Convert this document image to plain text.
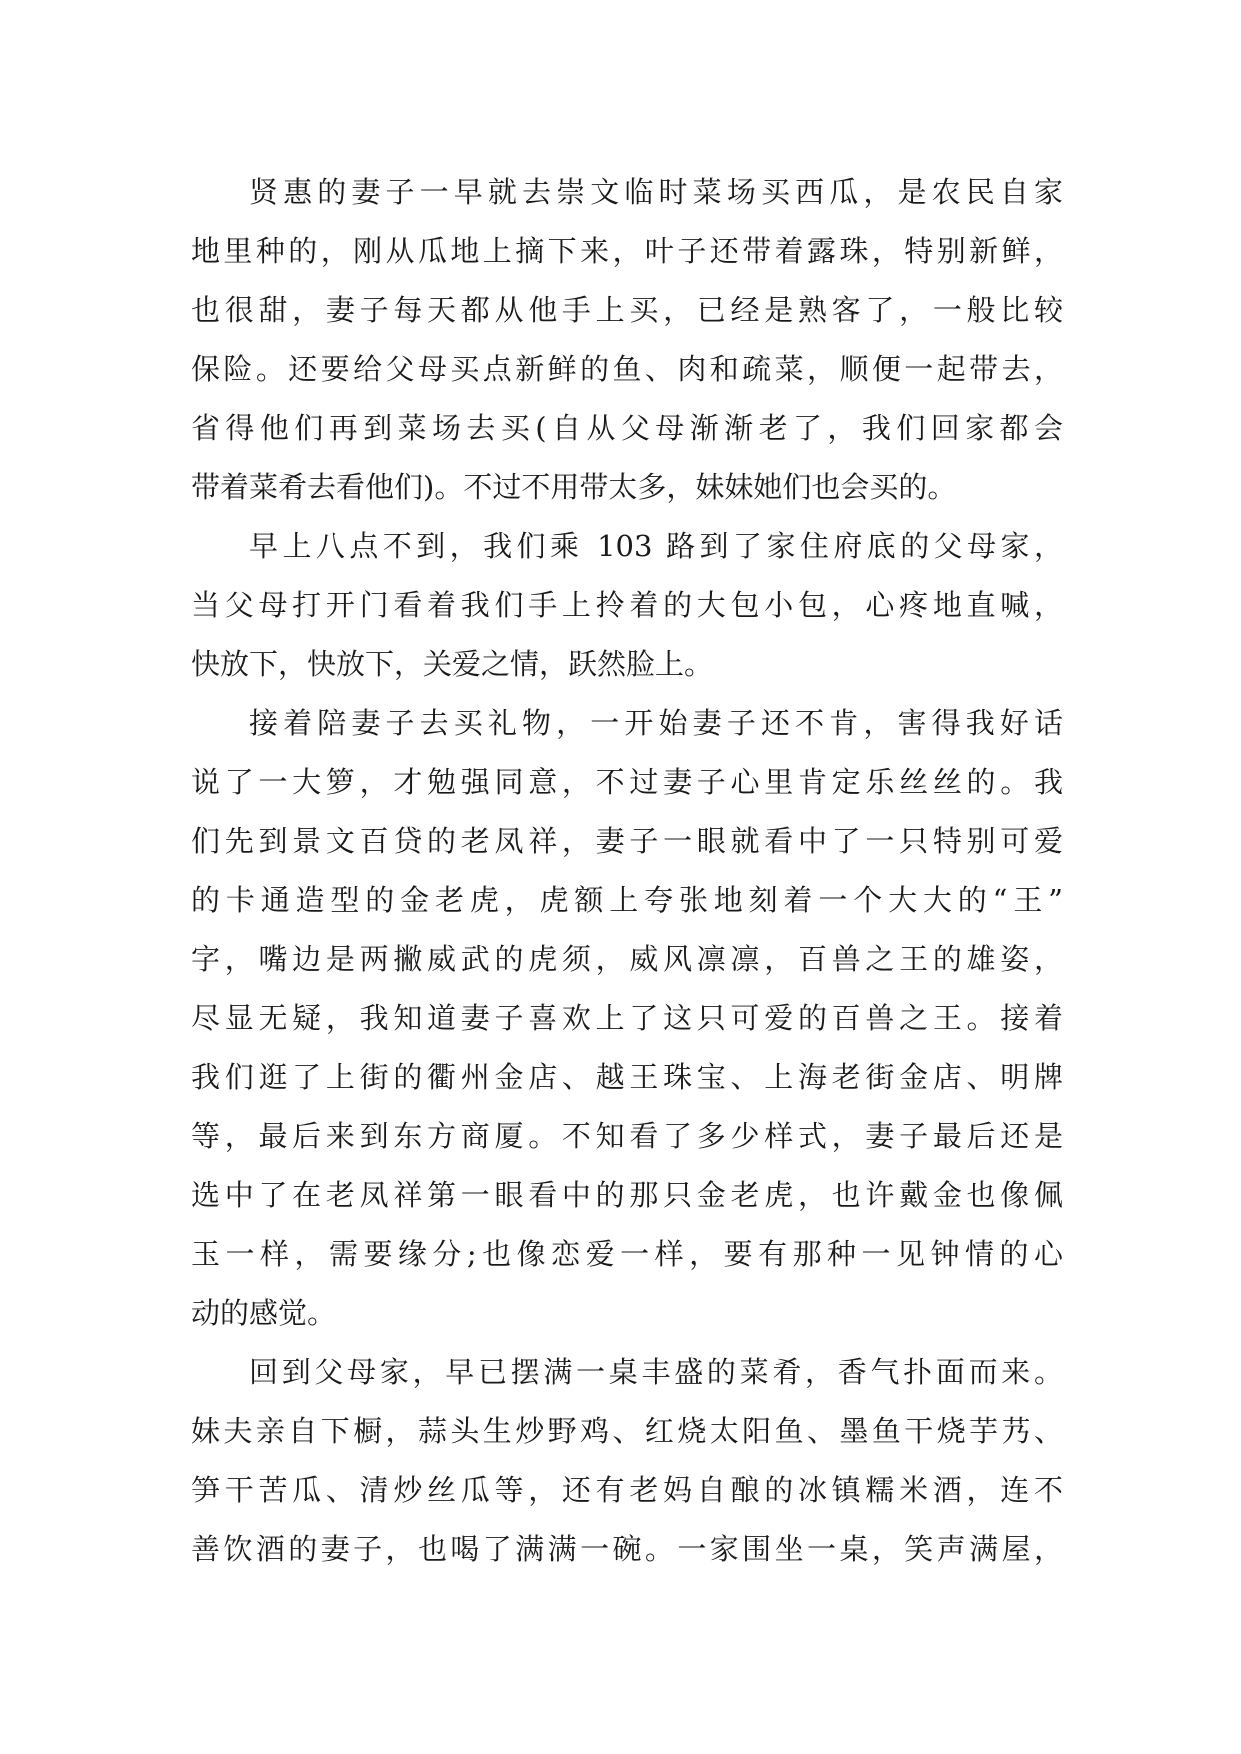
贤惠的妻子一早就去崇文临时菜场买西瓜，是农民自家
地里种的，刚从瓜地上摘下来，叶子还带着露珠，特别新鲜，
也很甜，妻子每天都从他手上买，已经是熟客了，一般比较
保险。还要给父母买点新鲜的鱼、肉和疏菜，顺便一起带去，
省得他们再到菜场去买(自从父母渐渐老了，我们回家都会
带着菜肴去看他们)。不过不用带太多，妹妹她们也会买的。
早上八点不到，我们乘 103 路到了家住府底的父母家，
当父母打开门看着我们手上拎着的大包小包，心疼地直喊，
快放下，快放下，关爱之情，跃然脸上。
接着陪妻子去买礼物，一开始妻子还不肯，害得我好话
说了一大箩，才勉强同意，不过妻子心里肯定乐丝丝的。我
们先到景文百贷的老凤祥，妻子一眼就看中了一只特别可爱
的卡通造型的金老虎，虎额上夸张地刻着一个大大的“王”
字，嘴边是两撇威武的虎须，威风凛凛，百兽之王的雄姿，
尽显无疑，我知道妻子喜欢上了这只可爱的百兽之王。接着
我们逛了上街的衢州金店、越王珠宝、上海老街金店、明牌
等，最后来到东方商厦。不知看了多少样式，妻子最后还是
选中了在老凤祥第一眼看中的那只金老虎，也许戴金也像佩
玉一样，需要缘分;也像恋爱一样，要有那种一见钟情的心
动的感觉。
回到父母家，早已摆满一桌丰盛的菜肴，香气扑面而来。
妹夫亲自下橱，蒜头生炒野鸡、红烧太阳鱼、墨鱼干烧芋艿、
笋干苦瓜、清炒丝瓜等，还有老妈自酿的冰镇糯米酒，连不
善饮酒的妻子，也喝了满满一碗。一家围坐一桌，笑声满屋，
